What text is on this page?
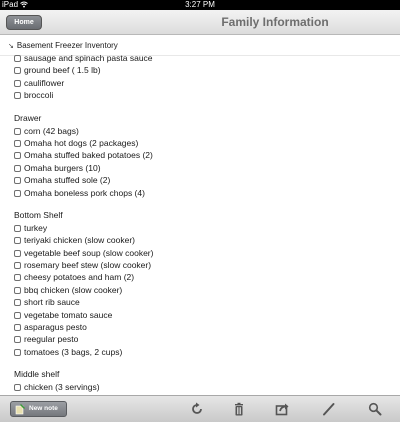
iPad	3:27 PM
Home	Family Information
↘ Basement Freezer Inventory
sausage and spinach pasta sauce
ground beef ( 1.5 lb)
cauliflower
broccoli
Drawer
corn (42 bags)
Omaha hot dogs (2 packages)
Omaha stuffed baked potatoes (2)
Omaha burgers (10)
Omaha stuffed sole (2)
Omaha boneless pork chops (4)
Bottom Shelf
turkey
teriyaki chicken (slow cooker)
vegetable beef soup (slow cooker)
rosemary beef stew (slow cooker)
cheesy potatoes and ham (2)
bbq chicken (slow cooker)
short rib sauce
vegetabe tomato sauce
asparagus pesto
reegular pesto
tomatoes (3 bags, 2 cups)
Middle shelf
chicken (3 servings)
New note
